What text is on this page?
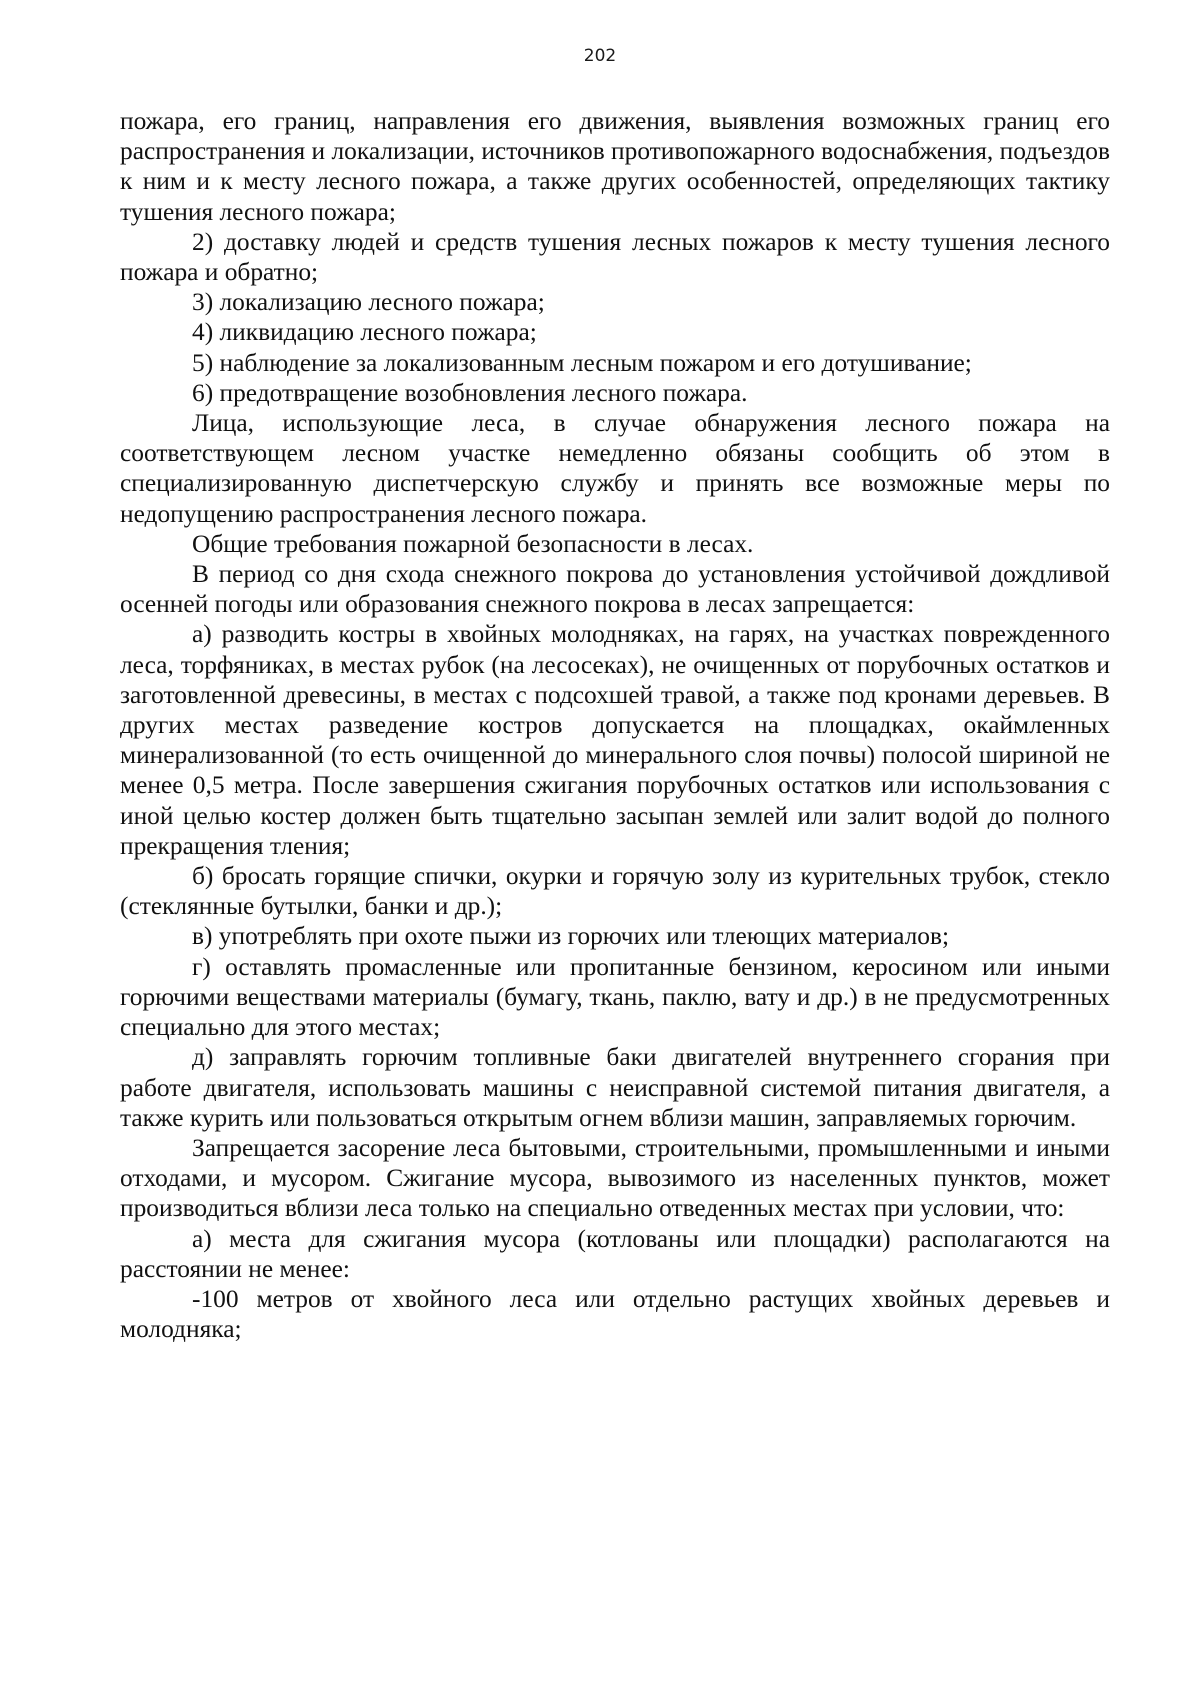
202

пожара, его границ, направления его движения, выявления возможных границ его распространения и локализации, источников противопожарного водоснабжения, подъездов к ним и к месту лесного пожара, а также других особенностей, определяющих тактику тушения лесного пожара;

2) доставку людей и средств тушения лесных пожаров к месту тушения лесного пожара и обратно;

3) локализацию лесного пожара;

4) ликвидацию лесного пожара;

5) наблюдение за локализованным лесным пожаром и его дотушивание;

6) предотвращение возобновления лесного пожара.

Лица, использующие леса, в случае обнаружения лесного пожара на соответствующем лесном участке немедленно обязаны сообщить об этом в специализированную диспетчерскую службу и принять все возможные меры по недопущению распространения лесного пожара.

Общие требования пожарной безопасности в лесах.

В период со дня схода снежного покрова до установления устойчивой дождливой осенней погоды или образования снежного покрова в лесах запрещается:

а) разводить костры в хвойных молодняках, на гарях, на участках поврежденного леса, торфяниках, в местах рубок (на лесосеках), не очищенных от порубочных остатков и заготовленной древесины, в местах с подсохшей травой, а также под кронами деревьев. В других местах разведение костров допускается на площадках, окаймленных минерализованной (то есть очищенной до минерального слоя почвы) полосой шириной не менее 0,5 метра. После завершения сжигания порубочных остатков или использования с иной целью костер должен быть тщательно засыпан землей или залит водой до полного прекращения тления;

б) бросать горящие спички, окурки и горячую золу из курительных трубок, стекло (стеклянные бутылки, банки и др.);

в) употреблять при охоте пыжи из горючих или тлеющих материалов;

г) оставлять промасленные или пропитанные бензином, керосином или иными горючими веществами материалы (бумагу, ткань, паклю, вату и др.) в не предусмотренных специально для этого местах;

д) заправлять горючим топливные баки двигателей внутреннего сгорания при работе двигателя, использовать машины с неисправной системой питания двигателя, а также курить или пользоваться открытым огнем вблизи машин, заправляемых горючим.

Запрещается засорение леса бытовыми, строительными, промышленными и иными отходами, и мусором. Сжигание мусора, вывозимого из населенных пунктов, может производиться вблизи леса только на специально отведенных местах при условии, что:

а) места для сжигания мусора (котлованы или площадки) располагаются на расстоянии не менее:

-100 метров от хвойного леса или отдельно растущих хвойных деревьев и молодняка;
